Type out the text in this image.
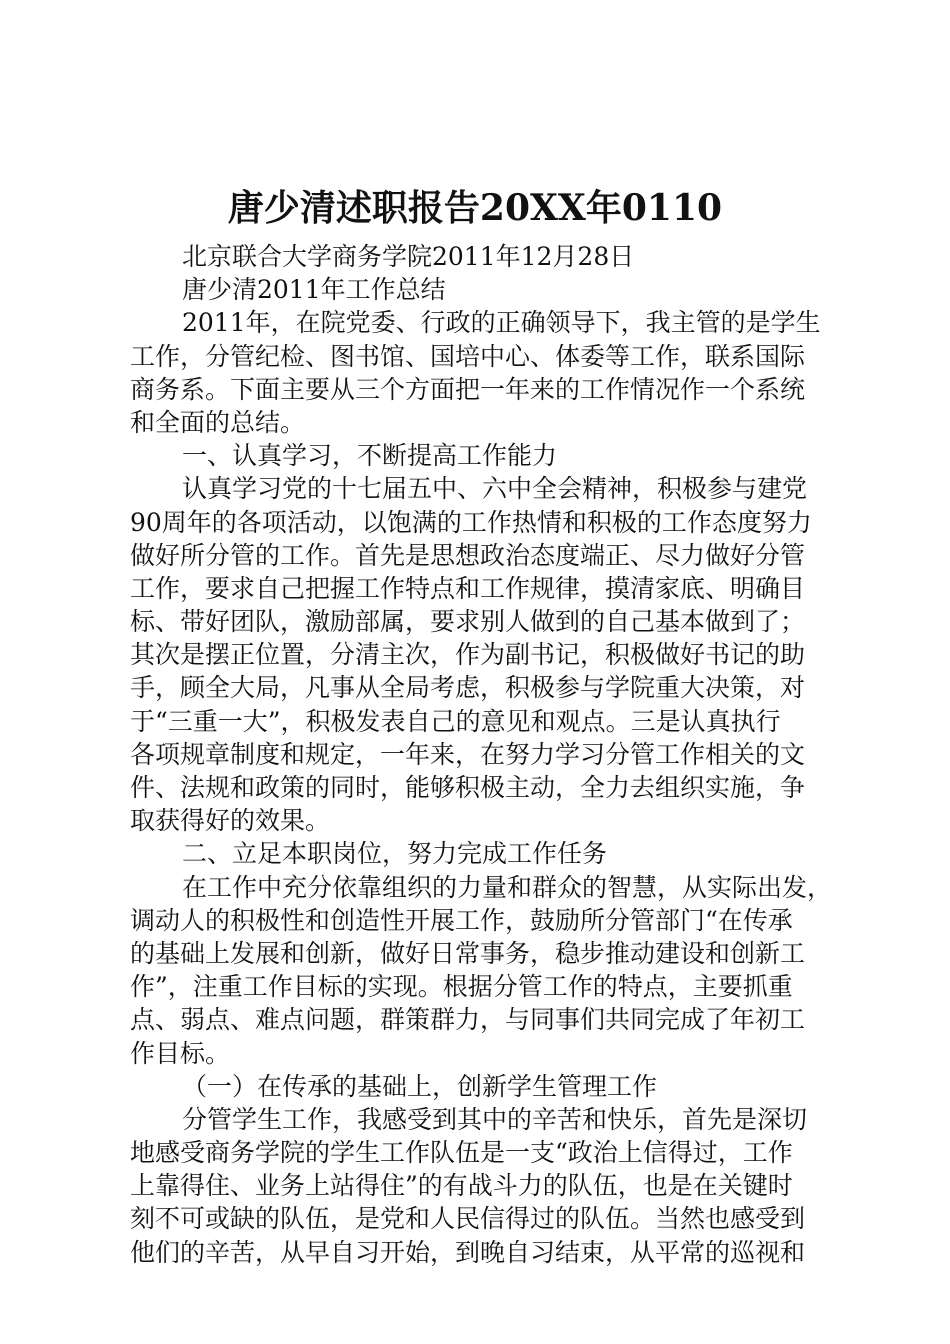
唐少清述职报告20XX年0110
北京联合大学商务学院2011年12月28日
唐少清2011年工作总结
2011年，在院党委、行政的正确领导下，我主管的是学生
工作，分管纪检、图书馆、国培中心、体委等工作，联系国际
商务系。下面主要从三个方面把一年来的工作情况作一个系统
和全面的总结。
一、认真学习，不断提高工作能力
认真学习党的十七届五中、六中全会精神，积极参与建党
90周年的各项活动，以饱满的工作热情和积极的工作态度努力
做好所分管的工作。首先是思想政治态度端正、尽力做好分管
工作，要求自己把握工作特点和工作规律，摸清家底、明确目
标、带好团队，激励部属，要求别人做到的自己基本做到了；
其次是摆正位置，分清主次，作为副书记，积极做好书记的助
手，顾全大局，凡事从全局考虑，积极参与学院重大决策，对
于“三重一大”，积极发表自己的意见和观点。三是认真执行
各项规章制度和规定，一年来，在努力学习分管工作相关的文
件、法规和政策的同时，能够积极主动，全力去组织实施，争
取获得好的效果。
二、立足本职岗位，努力完成工作任务
在工作中充分依靠组织的力量和群众的智慧，从实际出发，
调动人的积极性和创造性开展工作，鼓励所分管部门“在传承
的基础上发展和创新，做好日常事务，稳步推动建设和创新工
作”，注重工作目标的实现。根据分管工作的特点，主要抓重
点、弱点、难点问题，群策群力，与同事们共同完成了年初工
作目标。
（一）在传承的基础上，创新学生管理工作
分管学生工作，我感受到其中的辛苦和快乐，首先是深切
地感受商务学院的学生工作队伍是一支“政治上信得过，工作
上靠得住、业务上站得住”的有战斗力的队伍，也是在关键时
刻不可或缺的队伍，是党和人民信得过的队伍。当然也感受到
他们的辛苦，从早自习开始，到晚自习结束，从平常的巡视和
